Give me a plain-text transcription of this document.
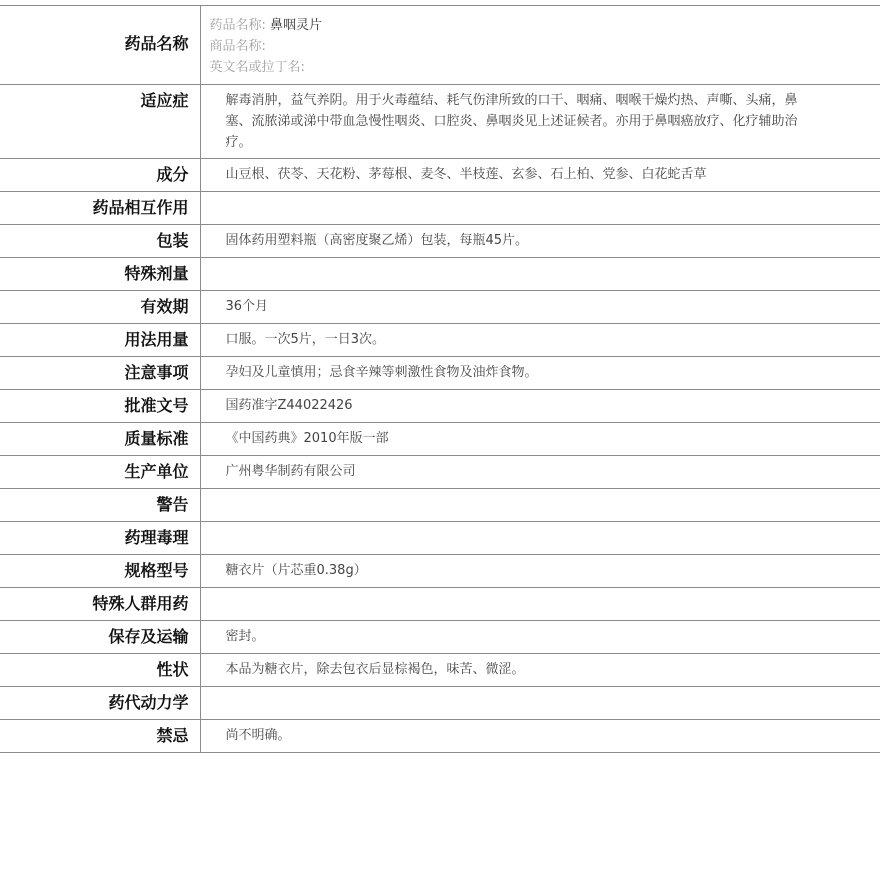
药品名称	药品名称: 鼻咽灵片
商品名称:
英文名或拉丁名:

适应症	解毒消肿，益气养阴。用于火毒蕴结、耗气伤津所致的口干、咽痛、咽喉干燥灼热、声嘶、头痛，鼻塞、流脓涕或涕中带血急慢性咽炎、口腔炎、鼻咽炎见上述证候者。亦用于鼻咽癌放疗、化疗辅助治疗。
成分	山豆根、茯苓、天花粉、茅莓根、麦冬、半枝莲、玄参、石上柏、党参、白花蛇舌草
药品相互作用	
包装	固体药用塑料瓶（高密度聚乙烯）包装，每瓶45片。
特殊剂量	
有效期	36个月
用法用量	口服。一次5片，一日3次。
注意事项	孕妇及儿童慎用；忌食辛辣等刺激性食物及油炸食物。
批准文号	国药准字Z44022426
质量标准	《中国药典》2010年版一部
生产单位	广州粤华制药有限公司
警告	
药理毒理	
规格型号	糖衣片（片芯重0.38g）
特殊人群用药	
保存及运输	密封。
性状	本品为糖衣片，除去包衣后显棕褐色，味苦、微涩。
药代动力学	
禁忌	尚不明确。
